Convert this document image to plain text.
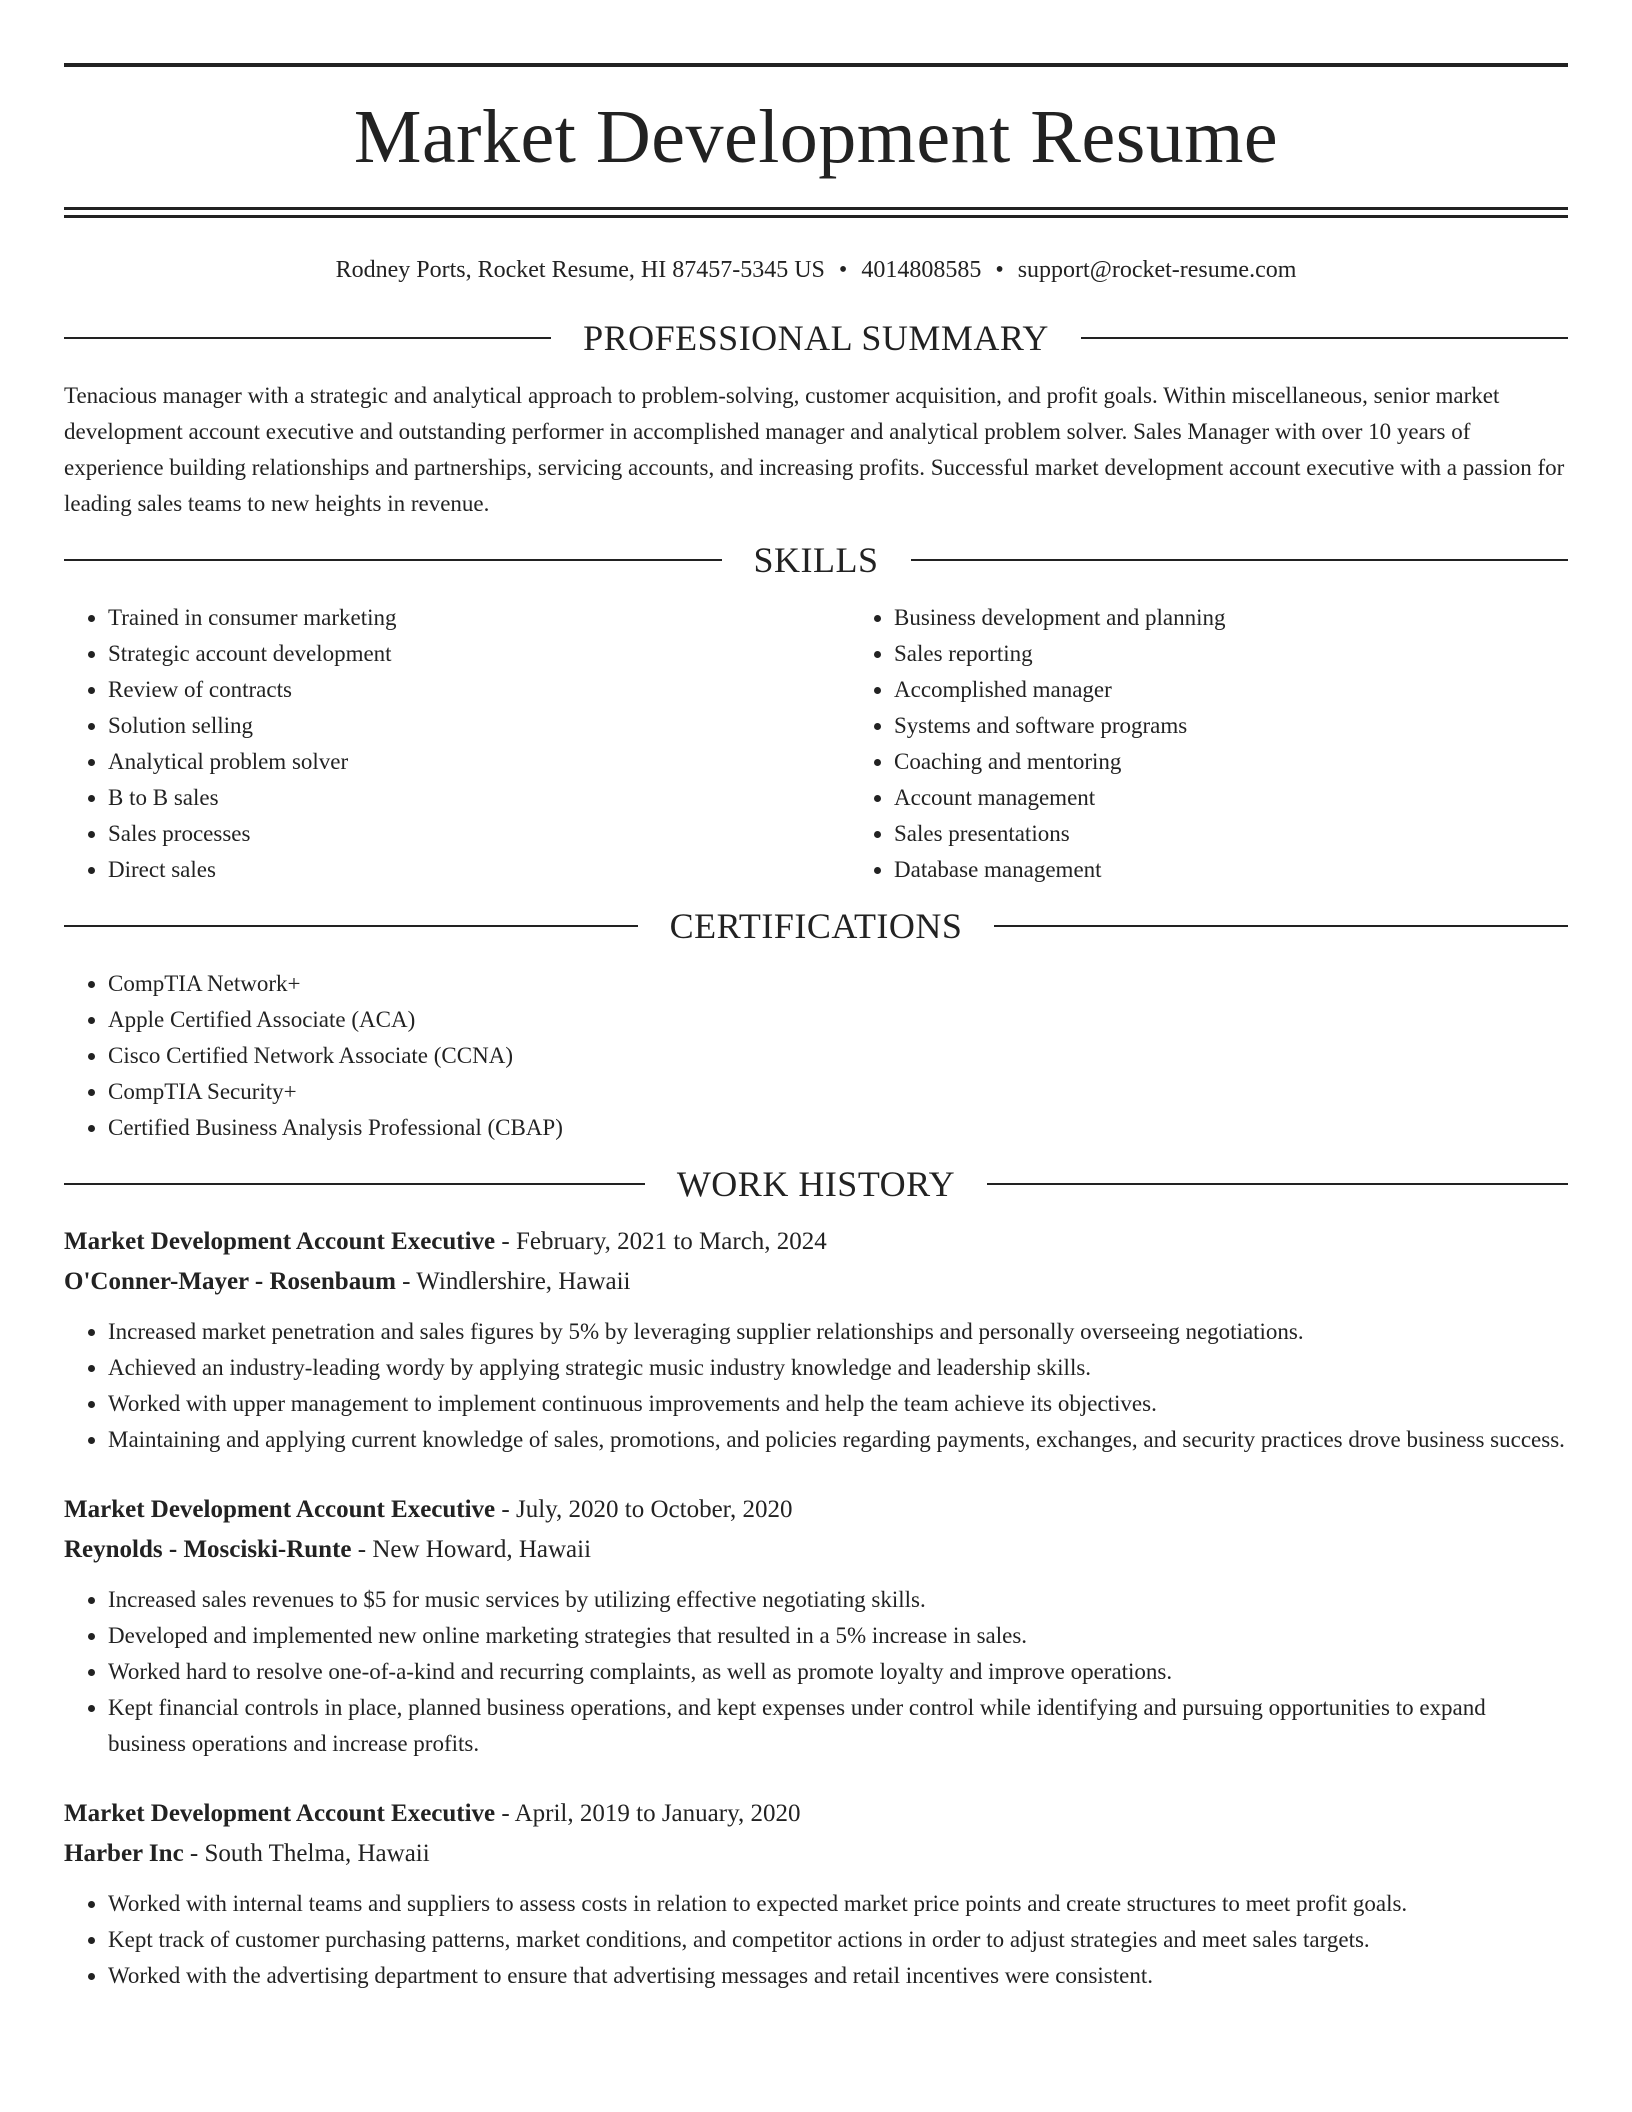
Market Development Resume
Rodney Ports, Rocket Resume, HI 87457-5345 US • 4014808585 • support@rocket-resume.com
PROFESSIONAL SUMMARY

Tenacious manager with a strategic and analytical approach to problem-solving, customer acquisition, and profit goals. Within miscellaneous, senior market development account executive and outstanding performer in accomplished manager and analytical problem solver. Sales Manager with over 10 years of experience building relationships and partnerships, servicing accounts, and increasing profits. Successful market development account executive with a passion for leading sales teams to new heights in revenue.

SKILLS
• Trained in consumer marketing
• Strategic account development
• Review of contracts
• Solution selling
• Analytical problem solver
• B to B sales
• Sales processes
• Direct sales
• Business development and planning
• Sales reporting
• Accomplished manager
• Systems and software programs
• Coaching and mentoring
• Account management
• Sales presentations
• Database management
CERTIFICATIONS
• CompTIA Network+
• Apple Certified Associate (ACA)
• Cisco Certified Network Associate (CCNA)
• CompTIA Security+
• Certified Business Analysis Professional (CBAP)
WORK HISTORY

Market Development Account Executive - February, 2021 to March, 2024

O'Conner-Mayer - Rosenbaum - Windlershire, Hawaii

• Increased market penetration and sales figures by 5% by leveraging supplier relationships and personally overseeing negotiations.
• Achieved an industry-leading wordy by applying strategic music industry knowledge and leadership skills.
• Worked with upper management to implement continuous improvements and help the team achieve its objectives.
• Maintaining and applying current knowledge of sales, promotions, and policies regarding payments, exchanges, and security practices drove business success.

Market Development Account Executive - July, 2020 to October, 2020

Reynolds - Mosciski-Runte - New Howard, Hawaii

• Increased sales revenues to $5 for music services by utilizing effective negotiating skills.
• Developed and implemented new online marketing strategies that resulted in a 5% increase in sales.
• Worked hard to resolve one-of-a-kind and recurring complaints, as well as promote loyalty and improve operations.
• Kept financial controls in place, planned business operations, and kept expenses under control while identifying and pursuing opportunities to expand business operations and increase profits.

Market Development Account Executive - April, 2019 to January, 2020

Harber Inc - South Thelma, Hawaii

• Worked with internal teams and suppliers to assess costs in relation to expected market price points and create structures to meet profit goals.
• Kept track of customer purchasing patterns, market conditions, and competitor actions in order to adjust strategies and meet sales targets.
• Worked with the advertising department to ensure that advertising messages and retail incentives were consistent.
